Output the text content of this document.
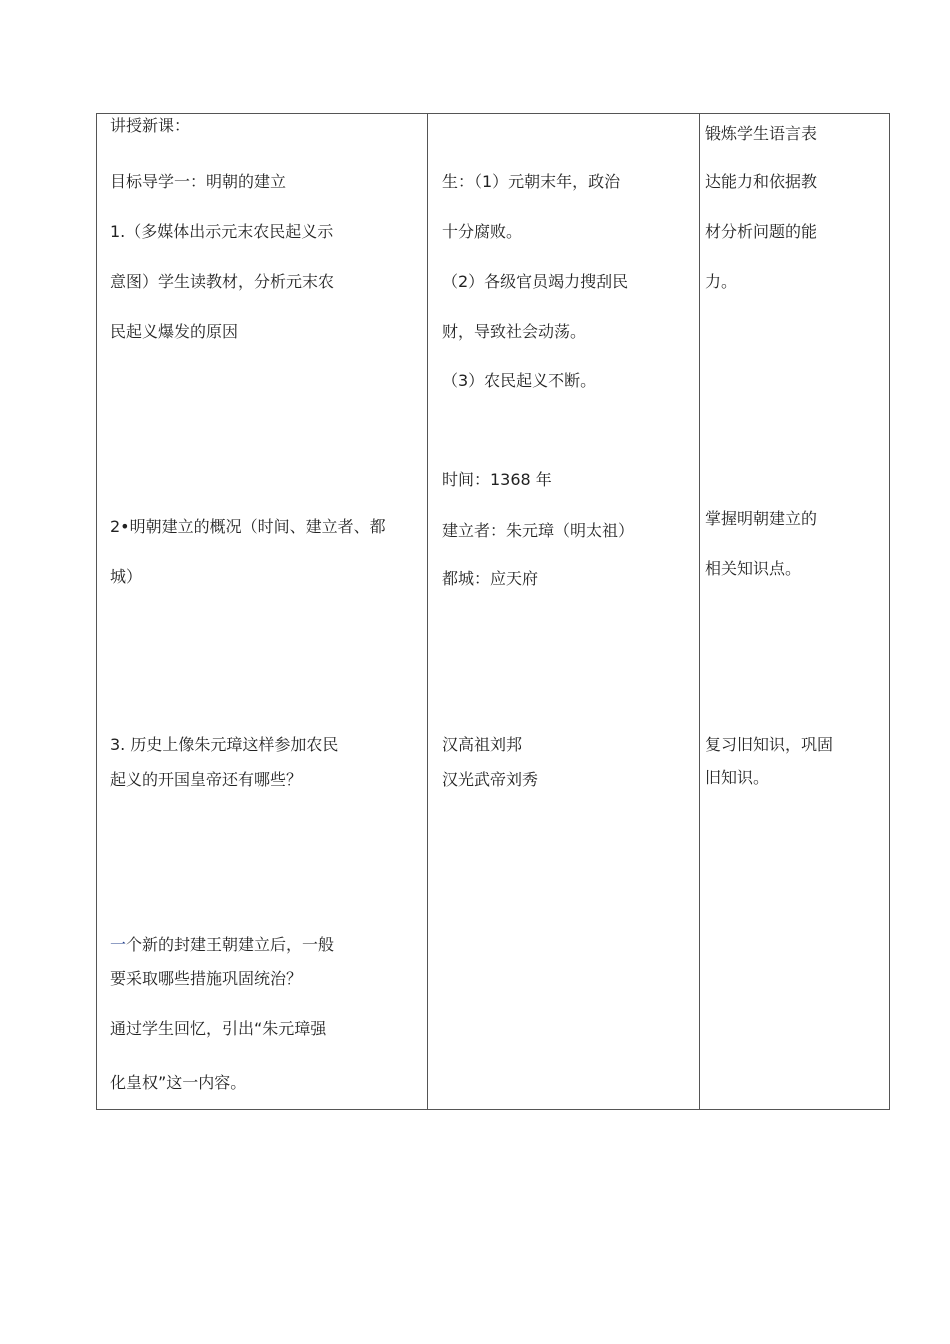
讲授新课：
目标导学一：明朝的建立
1.（多媒体出示元末农民起义示
意图）学生读教材，分析元末农
民起义爆发的原因
2•明朝建立的概况（时间、建立者、都
城）
3. 历史上像朱元璋这样参加农民
起义的开国皇帝还有哪些？
一个新的封建王朝建立后，一般
要采取哪些措施巩固统治？
通过学生回忆，引出“朱元璋强
化皇权”这一内容。
生：（1）元朝末年，政治
十分腐败。
（2）各级官员竭力搜刮民
财，导致社会动荡。
（3）农民起义不断。
时间：1368 年
建立者：朱元璋（明太祖）
都城：应天府
汉高祖刘邦
汉光武帝刘秀
锻炼学生语言表
达能力和依据教
材分析问题的能
力。
掌握明朝建立的
相关知识点。
复习旧知识，巩固
旧知识。
